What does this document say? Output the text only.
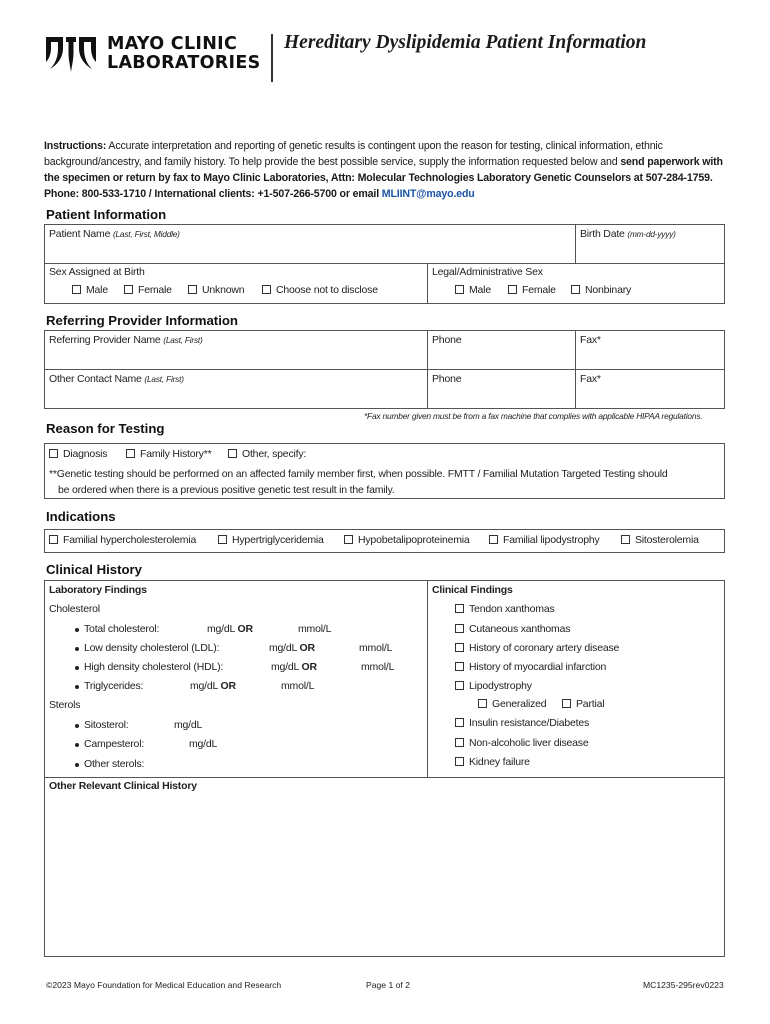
MAYO CLINIC
LABORATORIES
Hereditary Dyslipidemia Patient Information
Instructions: Accurate interpretation and reporting of genetic results is contingent upon the reason for testing, clinical information, ethnic background/ancestry, and family history. To help provide the best possible service, supply the information requested below and send paperwork with the specimen or return by fax to Mayo Clinic Laboratories, Attn: Molecular Technologies Laboratory Genetic Counselors at 507-284-1759. Phone: 800-533-1710 / International clients: +1-507-266-5700 or email MLIINT@mayo.edu
Patient Information
Patient Name (Last, First, Middle)	Birth Date (mm-dd-yyyy)
Sex Assigned at Birth
Male	Female	Unknown	Choose not to disclose
Legal/Administrative Sex
Male	Female	Nonbinary
Referring Provider Information
Referring Provider Name (Last, First)	Phone	Fax*
Other Contact Name (Last, First)	Phone	Fax*
*Fax number given must be from a fax machine that complies with applicable HIPAA regulations.
Reason for Testing
Diagnosis	Family History**	Other, specify:
**Genetic testing should be performed on an affected family member first, when possible. FMTT / Familial Mutation Targeted Testing should
be ordered when there is a previous positive genetic test result in the family.
Indications
Familial hypercholesterolemia	Hypertriglyceridemia	Hypobetalipoproteinemia	Familial lipodystrophy	Sitosterolemia
Clinical History
Laboratory Findings
Cholesterol
Total cholesterol:	mg/dL OR	mmol/L
Low density cholesterol (LDL):	mg/dL OR	mmol/L
High density cholesterol (HDL):	mg/dL OR	mmol/L
Triglycerides:	mg/dL OR	mmol/L
Sterols
Sitosterol:	mg/dL
Campesterol:	mg/dL
Other sterols:
Clinical Findings
Tendon xanthomas
Cutaneous xanthomas
History of coronary artery disease
History of myocardial infarction
Lipodystrophy
Generalized	Partial
Insulin resistance/Diabetes
Non-alcoholic liver disease
Kidney failure
Other Relevant Clinical History
©2023 Mayo Foundation for Medical Education and Research	Page 1 of 2	MC1235-295rev0223
